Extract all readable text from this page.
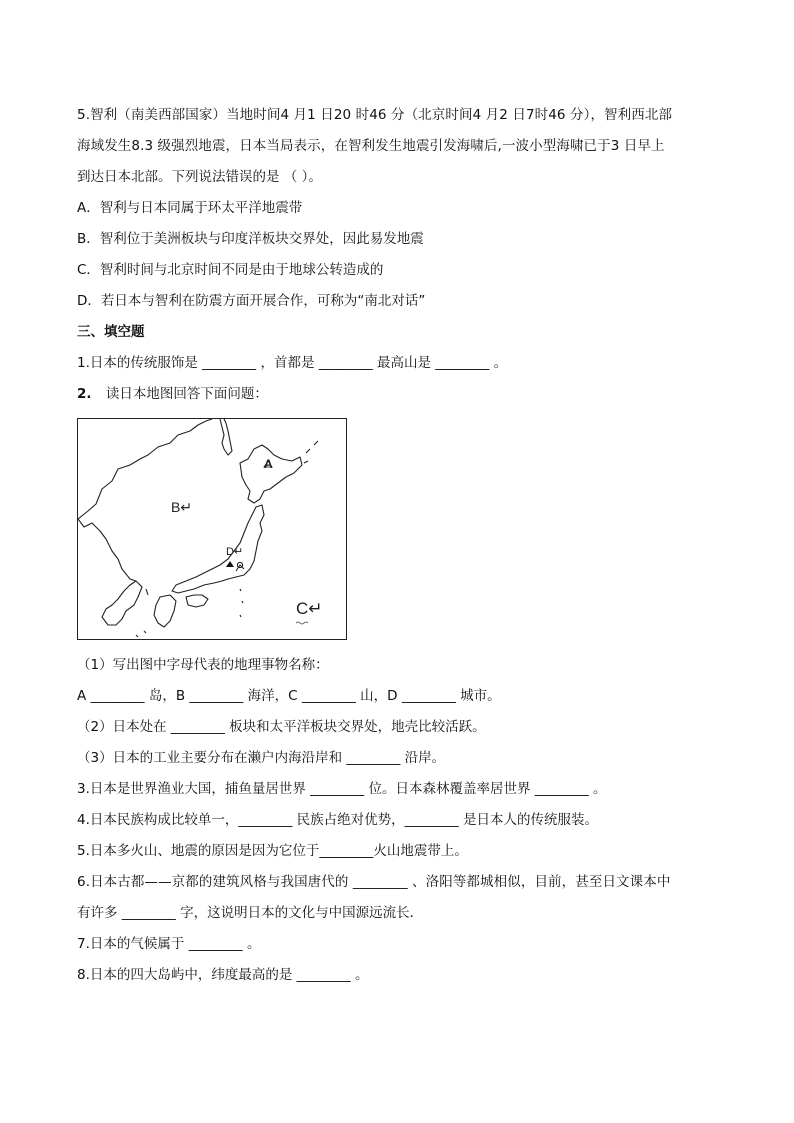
5.智利（南美西部国家）当地时间4 月1 日20 时46 分（北京时间4 月2 日7时46 分），智利西北部
海域发生8.3 级强烈地震，日本当局表示，在智利发生地震引发海啸后,一波小型海啸已于3 日早上
到达日本北部。下列说法错误的是 （ ）。
A．智利与日本同属于环太平洋地震带
B．智利位于美洲板块与印度洋板块交界处，因此易发地震
C．智利时间与北京时间不同是由于地球公转造成的
D．若日本与智利在防震方面开展合作，可称为“南北对话”
三、填空题
1.日本的传统服饰是 ________ ，首都是 ________ 最高山是 ________ 。
2. 读日本地图回答下面问题：
A
B↵
D↵
C↵
（1）写出图中字母代表的地理事物名称：
A ________ 岛，B ________ 海洋，C ________ 山，D ________ 城市。
（2）日本处在 ________ 板块和太平洋板块交界处，地壳比较活跃。
（3）日本的工业主要分布在濑户内海沿岸和 ________ 沿岸。
3.日本是世界渔业大国，捕鱼量居世界 ________ 位。日本森林覆盖率居世界 ________ 。
4.日本民族构成比较单一，________ 民族占绝对优势，________ 是日本人的传统服装。
5.日本多火山、地震的原因是因为它位于________火山地震带上。
6.日本古都——京都的建筑风格与我国唐代的 ________ 、洛阳等都城相似，目前，甚至日文课本中
有许多 ________ 字，这说明日本的文化与中国源远流长．
7.日本的气候属于 ________ 。
8.日本的四大岛屿中，纬度最高的是 ________ 。
